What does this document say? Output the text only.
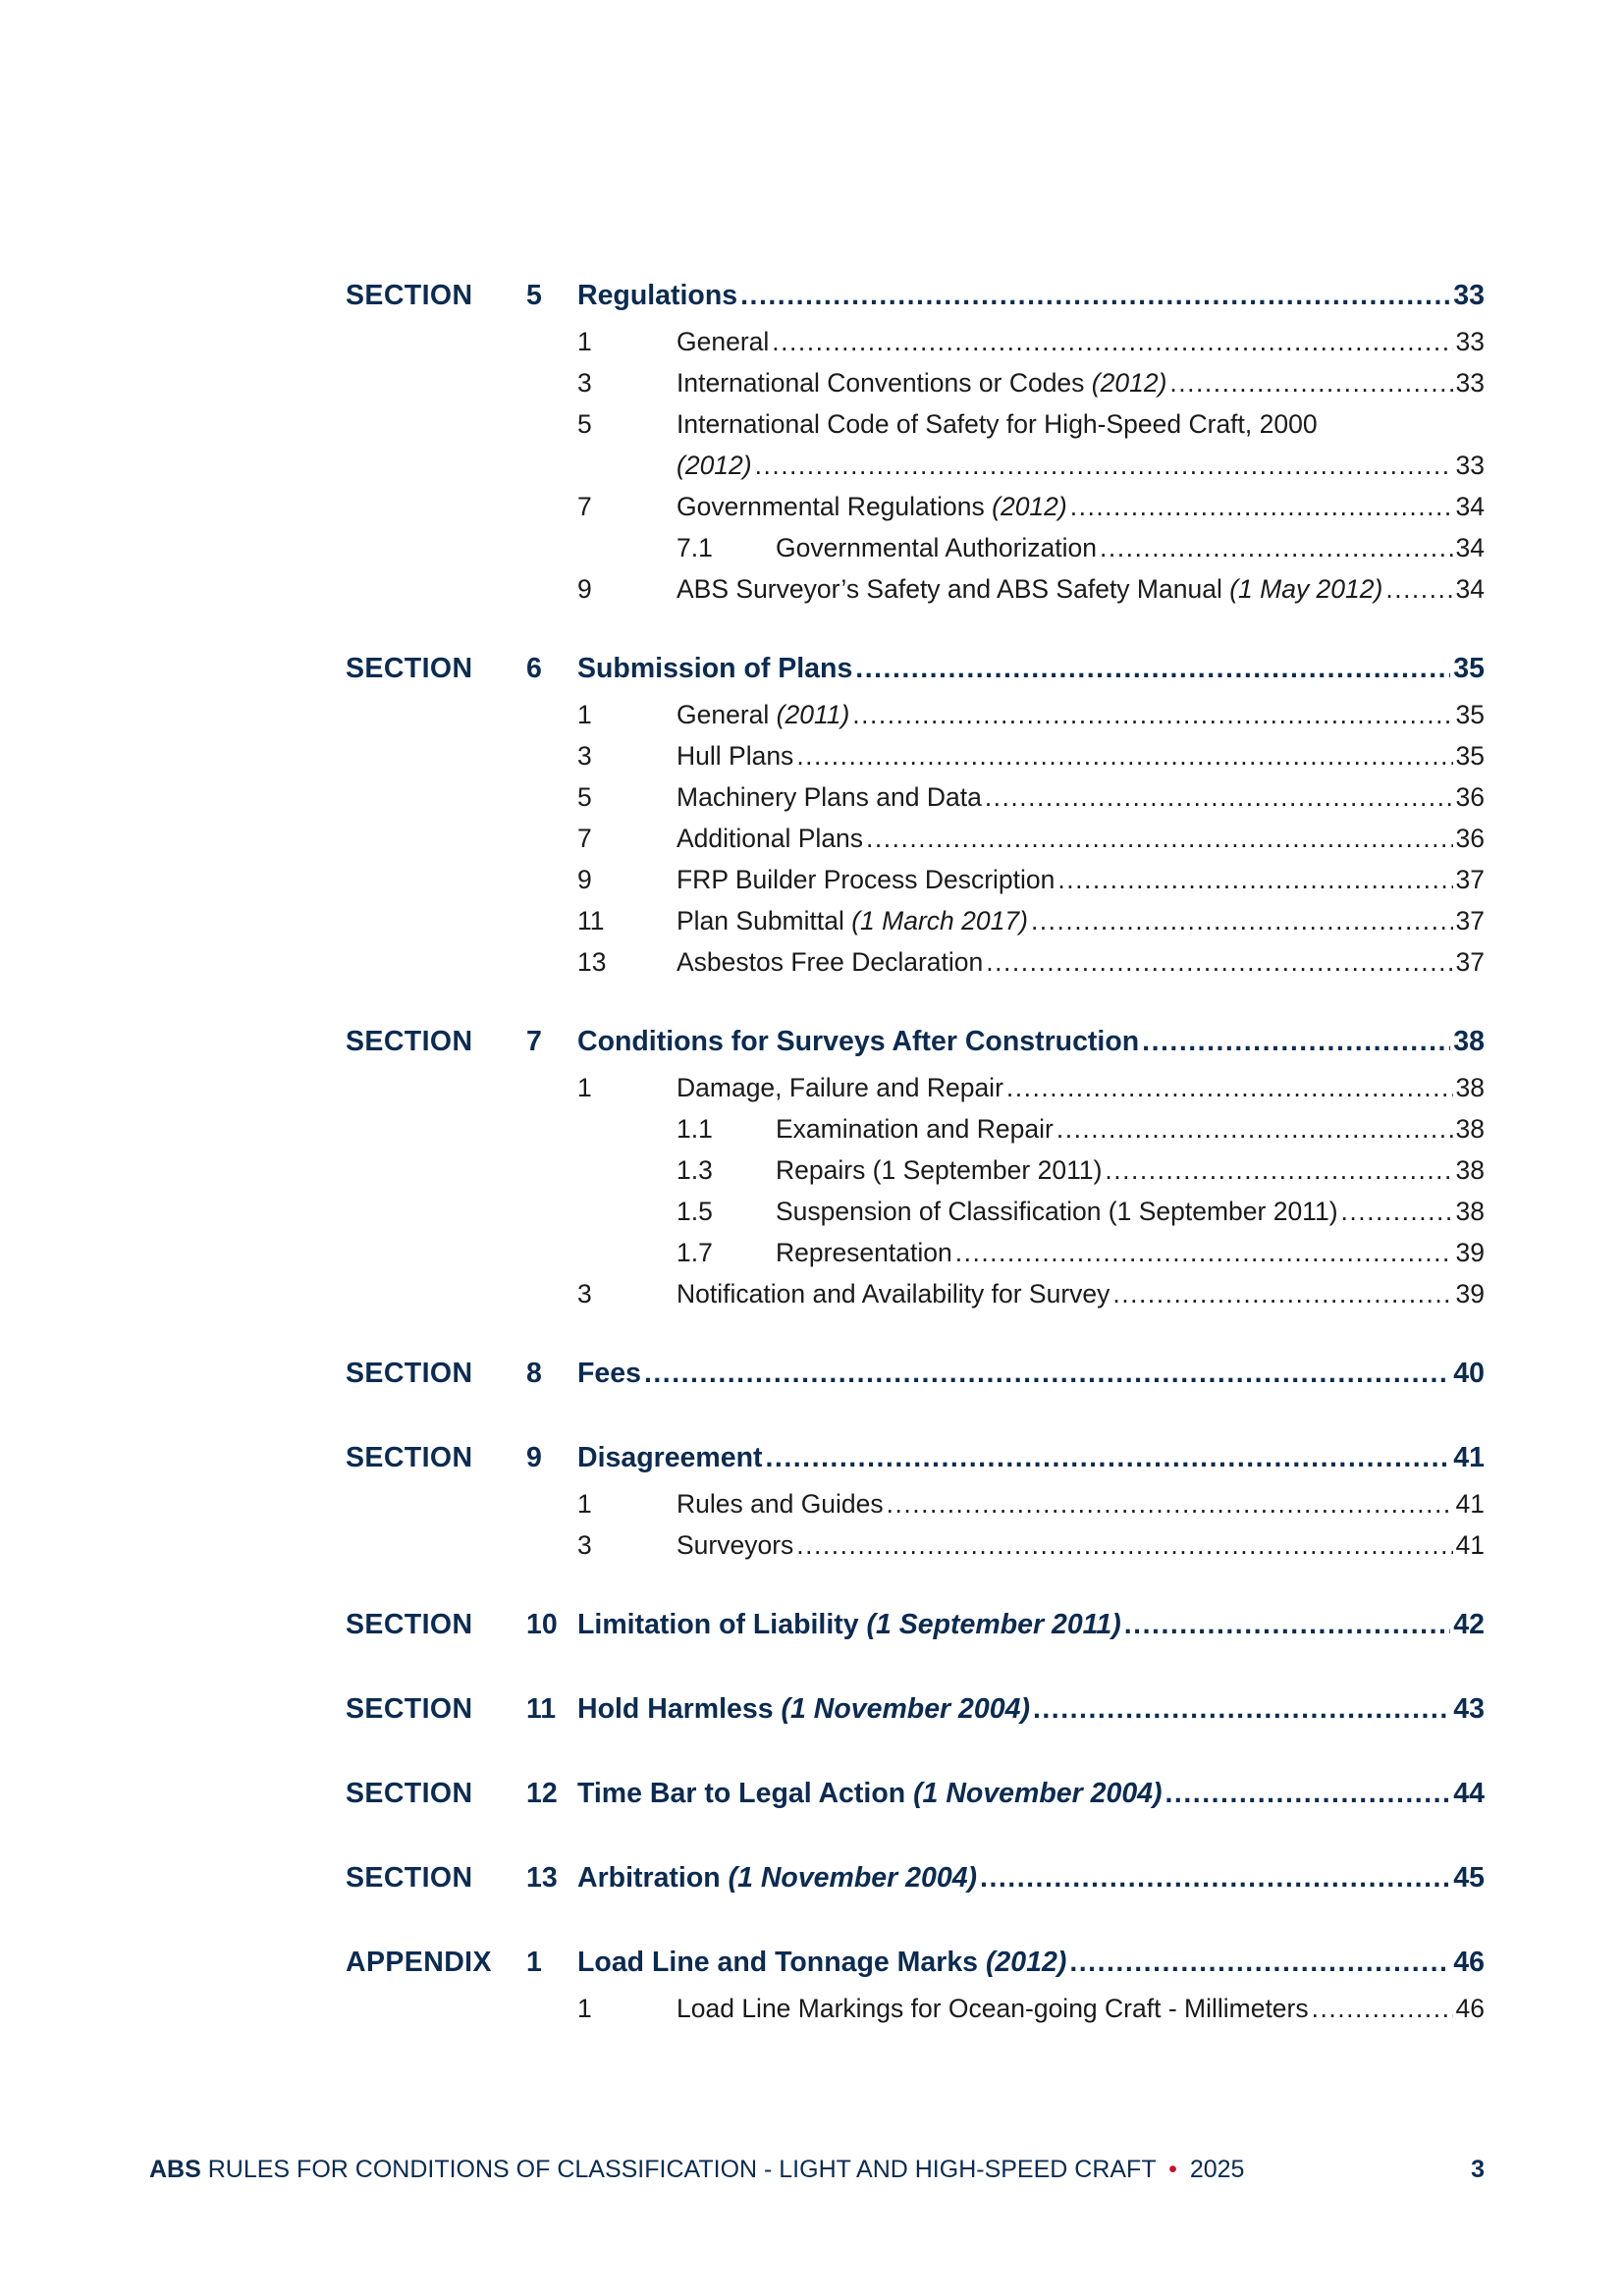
SECTION	5	Regulations .....	33
1	General .....	33
3	International Conventions or Codes (2012) .....	33
5	International Code of Safety for High-Speed Craft, 2000
(2012) .....	33
7	Governmental Regulations (2012) .....	34
7.1	Governmental Authorization .....	34
9	ABS Surveyor’s Safety and ABS Safety Manual (1 May 2012) .....	34
SECTION	6	Submission of Plans .....	35
1	General (2011) .....	35
3	Hull Plans .....	35
5	Machinery Plans and Data .....	36
7	Additional Plans .....	36
9	FRP Builder Process Description .....	37
11	Plan Submittal (1 March 2017) .....	37
13	Asbestos Free Declaration .....	37
SECTION	7	Conditions for Surveys After Construction .....	38
1	Damage, Failure and Repair .....	38
1.1	Examination and Repair .....	38
1.3	Repairs (1 September 2011) .....	38
1.5	Suspension of Classification (1 September 2011) .....	38
1.7	Representation .....	39
3	Notification and Availability for Survey .....	39
SECTION	8	Fees .....	40
SECTION	9	Disagreement .....	41
1	Rules and Guides .....	41
3	Surveyors .....	41
SECTION	10 Limitation of Liability (1 September 2011) .....	42
SECTION	11 Hold Harmless (1 November 2004) .....	43
SECTION	12 Time Bar to Legal Action (1 November 2004) .....	44
SECTION	13 Arbitration (1 November 2004) .....	45
APPENDIX	1	Load Line and Tonnage Marks (2012) .....	46
1	Load Line Markings for Ocean-going Craft - Millimeters .....	46
ABS RULES FOR CONDITIONS OF CLASSIFICATION - LIGHT AND HIGH-SPEED CRAFT • 2025	3
